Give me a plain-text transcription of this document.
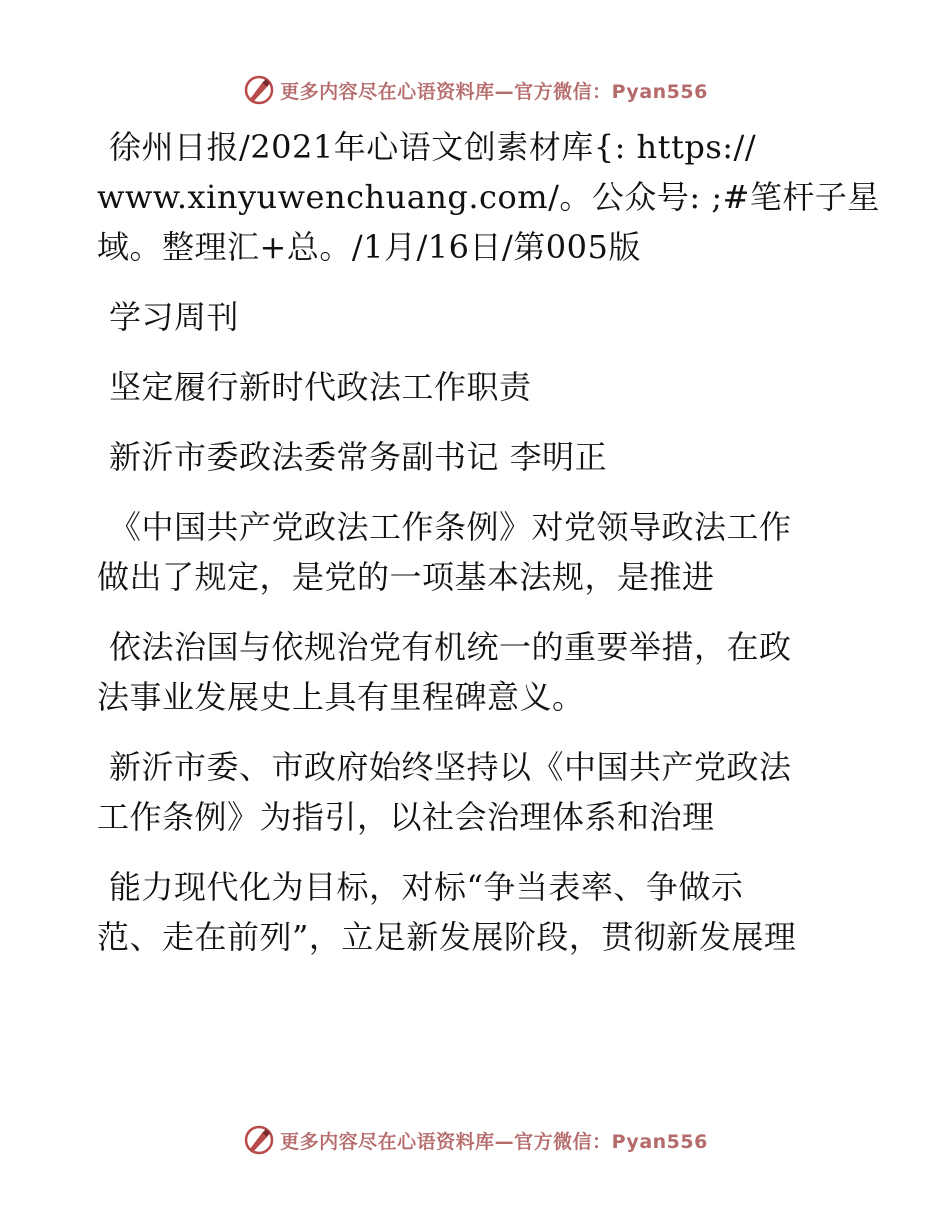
更多内容尽在心语资料库—官方微信：Pyan556
徐州日报/2021年心语文创素材库{: https://
www.xinyuwenchuang.com/。公众号: ;#笔杆子星
域。整理汇+总。/1月/16日/第005版
学习周刊
坚定履行新时代政法工作职责
新沂市委政法委常务副书记 李明正
《中国共产党政法工作条例》对党领导政法工作
做出了规定，是党的一项基本法规，是推进
依法治国与依规治党有机统一的重要举措，在政
法事业发展史上具有里程碑意义。
新沂市委、市政府始终坚持以《中国共产党政法
工作条例》为指引，以社会治理体系和治理
能力现代化为目标，对标“争当表率、争做示
范、走在前列”，立足新发展阶段，贯彻新发展理
更多内容尽在心语资料库—官方微信：Pyan556
